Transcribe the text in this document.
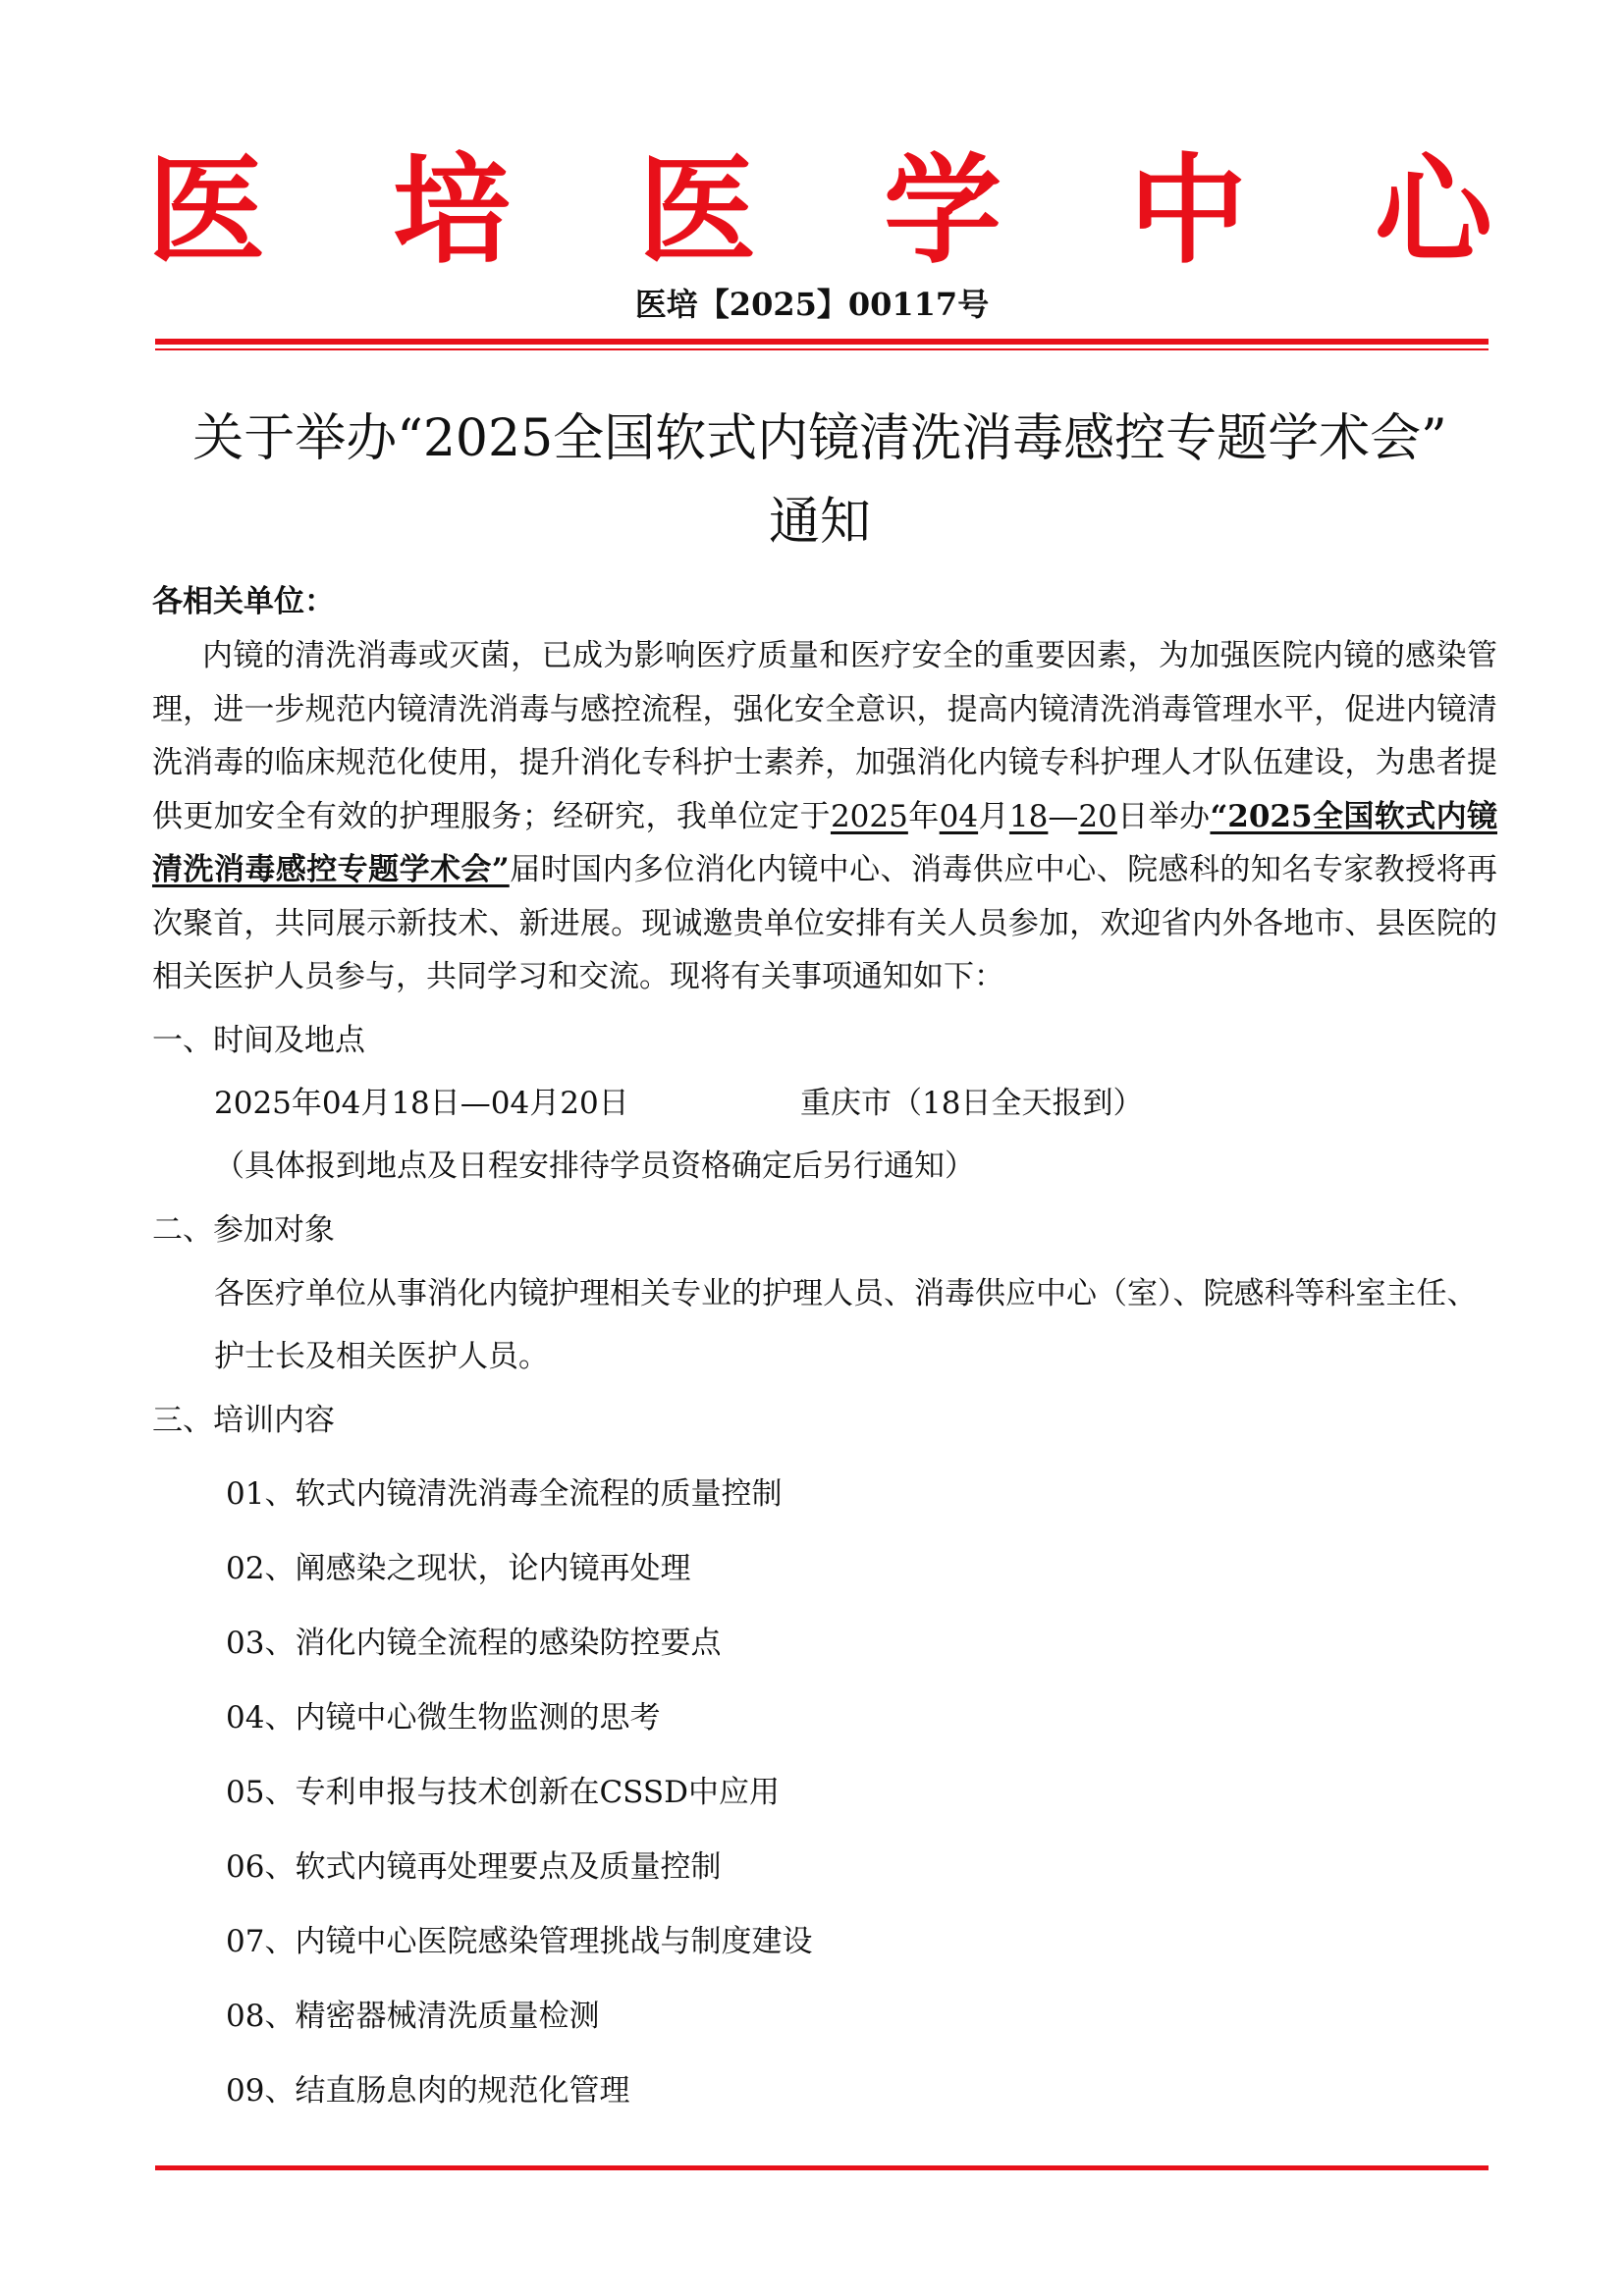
医 培 医 学 中 心
医培【2025】00117号
关于举办“2025全国软式内镜清洗消毒感控专题学术会”
通知
各相关单位：
内镜的清洗消毒或灭菌，已成为影响医疗质量和医疗安全的重要因素，为加强医院内镜的感染管理，进一步规范内镜清洗消毒与感控流程，强化安全意识，提高内镜清洗消毒管理水平，促进内镜清洗消毒的临床规范化使用，提升消化专科护士素养，加强消化内镜专科护理人才队伍建设，为患者提供更加安全有效的护理服务；经研究，我单位定于2025年04月18—20日举办“2025全国软式内镜清洗消毒感控专题学术会”届时国内多位消化内镜中心、消毒供应中心、院感科的知名专家教授将再次聚首，共同展示新技术、新进展。现诚邀贵单位安排有关人员参加，欢迎省内外各地市、县医院的相关医护人员参与，共同学习和交流。现将有关事项通知如下：
一、时间及地点
2025年04月18日—04月20日	重庆市（18日全天报到）
（具体报到地点及日程安排待学员资格确定后另行通知）
二、参加对象
各医疗单位从事消化内镜护理相关专业的护理人员、消毒供应中心（室）、院感科等科室主任、
护士长及相关医护人员。
三、培训内容
01、软式内镜清洗消毒全流程的质量控制
02、阐感染之现状，论内镜再处理
03、消化内镜全流程的感染防控要点
04、内镜中心微生物监测的思考
05、专利申报与技术创新在CSSD中应用
06、软式内镜再处理要点及质量控制
07、内镜中心医院感染管理挑战与制度建设
08、精密器械清洗质量检测
09、结直肠息肉的规范化管理
